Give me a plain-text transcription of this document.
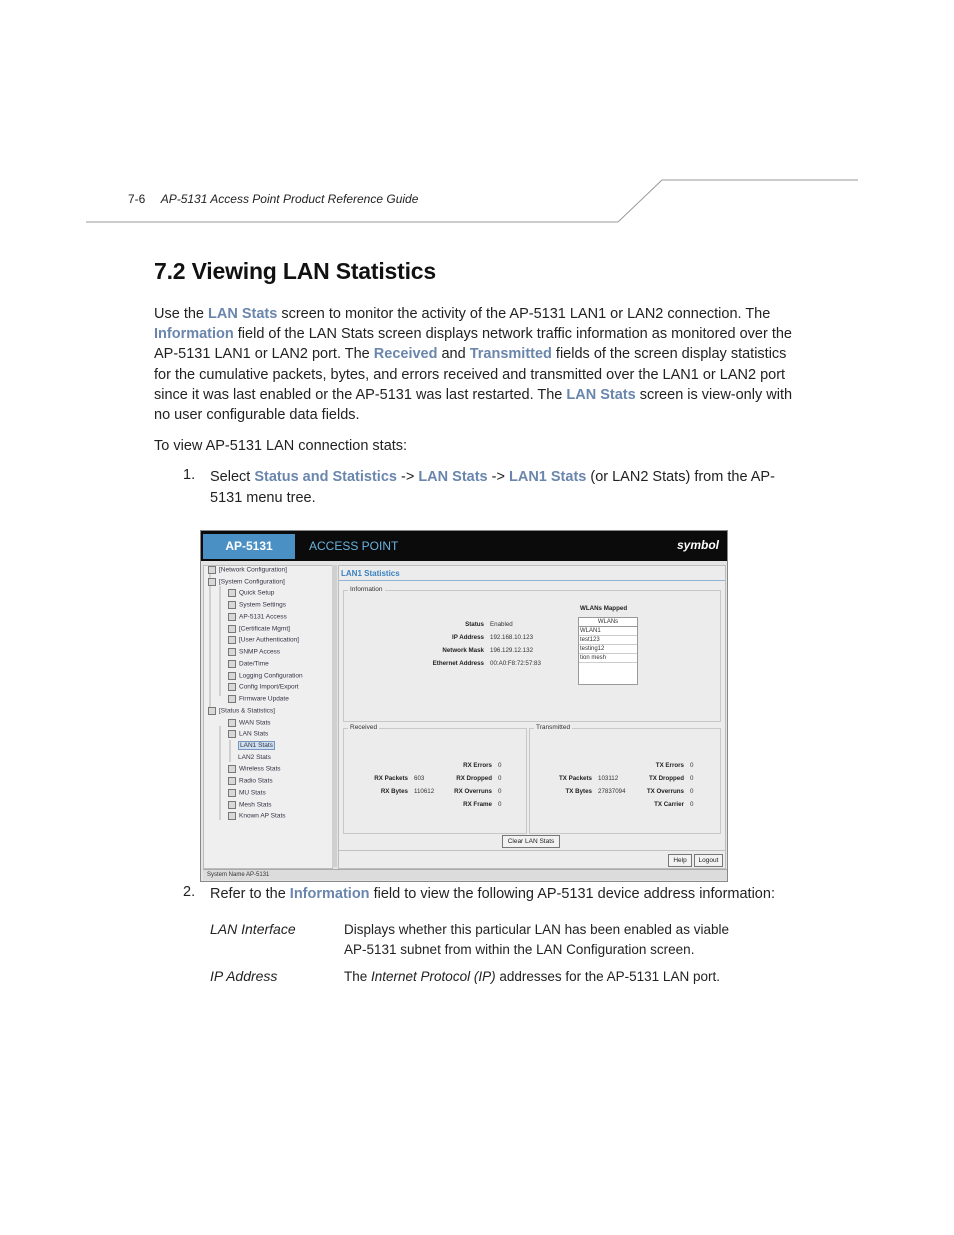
7-6 AP-5131 Access Point Product Reference Guide
7.2 Viewing LAN Statistics

Use the LAN Stats screen to monitor the activity of the AP-5131 LAN1 or LAN2 connection. The Information field of the LAN Stats screen displays network traffic information as monitored over the AP-5131 LAN1 or LAN2 port. The Received and Transmitted fields of the screen display statistics for the cumulative packets, bytes, and errors received and transmitted over the LAN1 or LAN2 port since it was last enabled or the AP-5131 was last restarted. The LAN Stats screen is view-only with no user configurable data fields.

To view AP-5131 LAN connection stats:

1. Select Status and Statistics -> LAN Stats -> LAN1 Stats (or LAN2 Stats) from the AP-5131 menu tree.

AP-5131	ACCESS POINT	symbol
[Network Configuration]
[System Configuration]
Quick Setup
System Settings
AP-5131 Access
[Certificate Mgmt]
[User Authentication]
SNMP Access
Date/Time
Logging Configuration
Config Import/Export
Firmware Update
[Status & Statistics]
WAN Stats
LAN Stats
LAN1 Stats
LAN2 Stats
Wireless Stats
Radio Stats
MU Stats
Mesh Stats
Known AP Stats
LAN1 Statistics
Information
Status Enabled
IP Address 192.168.10.123
Network Mask 196.129.12.132
Ethernet Address 00:A0:F8:72:57:83
WLANs Mapped
WLANs
WLAN1
test123
testing12
tion mesh
Received
RX Packets 603
RX Bytes 110612
RX Errors 0
RX Dropped 0
RX Overruns 0
RX Frame 0
Transmitted
TX Packets 103112
TX Bytes 27837094
TX Errors 0
TX Dropped 0
TX Overruns 0
TX Carrier 0
Clear LAN Stats
Help	Logout
System Name AP-5131
2. Refer to the Information field to view the following AP-5131 device address information:

LAN Interface	Displays whether this particular LAN has been enabled as viable AP-5131 subnet from within the LAN Configuration screen.
IP Address	The Internet Protocol (IP) addresses for the AP-5131 LAN port.
